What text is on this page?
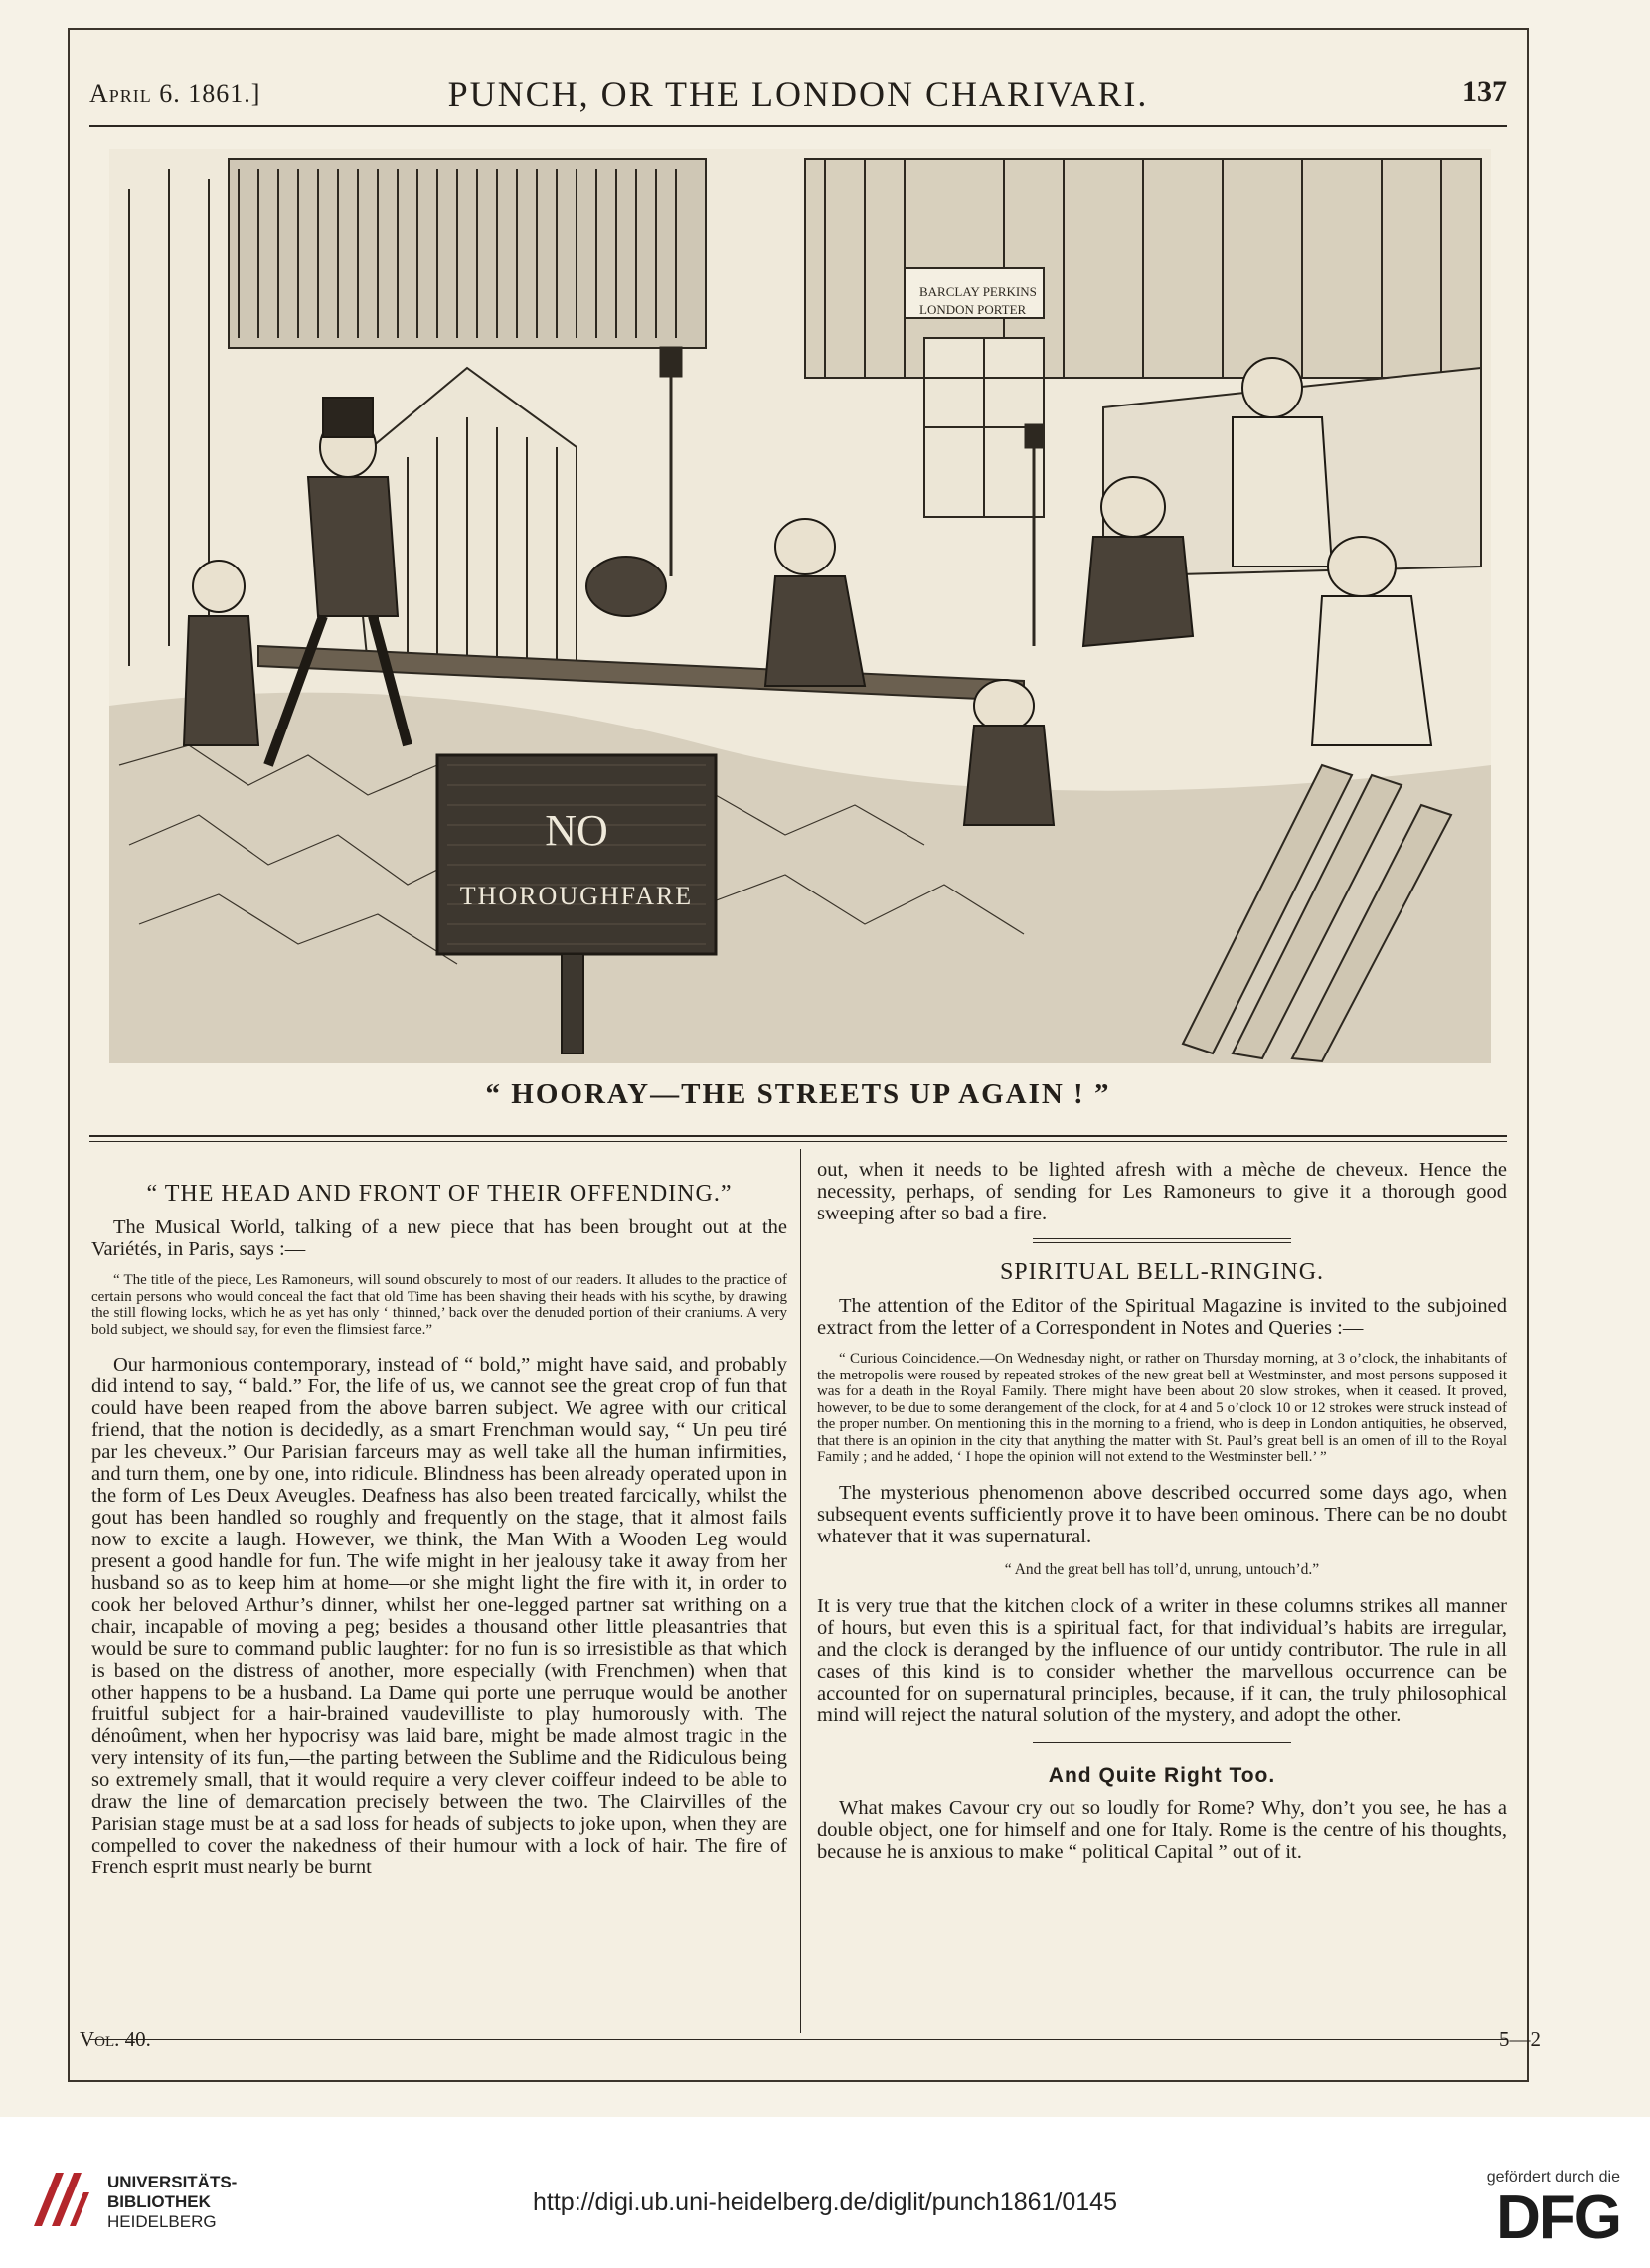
April 6. 1861.]	PUNCH, OR THE LONDON CHARIVARI.	137
BARCLAY PERKINS
LONDON PORTER
NO
THOROUGHFARE
“ HOORAY—THE STREETS UP AGAIN ! ”
“ THE HEAD AND FRONT OF THEIR OFFENDING.”

The Musical World, talking of a new piece that has been brought out at the Variétés, in Paris, says :—

“ The title of the piece, Les Ramoneurs, will sound obscurely to most of our readers. It alludes to the practice of certain persons who would conceal the fact that old Time has been shaving their heads with his scythe, by drawing the still flowing locks, which he as yet has only ‘ thinned,’ back over the denuded portion of their craniums. A very bold subject, we should say, for even the flimsiest farce.”

Our harmonious contemporary, instead of “ bold,” might have said, and probably did intend to say, “ bald.” For, the life of us, we cannot see the great crop of fun that could have been reaped from the above barren subject. We agree with our critical friend, that the notion is decidedly, as a smart Frenchman would say, “ Un peu tiré par les cheveux.” Our Parisian farceurs may as well take all the human infirmities, and turn them, one by one, into ridicule. Blindness has been already operated upon in the form of Les Deux Aveugles. Deafness has also been treated farcically, whilst the gout has been handled so roughly and frequently on the stage, that it almost fails now to excite a laugh. However, we think, the Man With a Wooden Leg would present a good handle for fun. The wife might in her jealousy take it away from her husband so as to keep him at home—or she might light the fire with it, in order to cook her beloved Arthur’s dinner, whilst her one-legged partner sat writhing on a chair, incapable of moving a peg; besides a thousand other little pleasantries that would be sure to command public laughter: for no fun is so irresistible as that which is based on the distress of another, more especially (with Frenchmen) when that other happens to be a husband. La Dame qui porte une perruque would be another fruitful subject for a hair-brained vaudevilliste to play humorously with. The dénoûment, when her hypocrisy was laid bare, might be made almost tragic in the very intensity of its fun,—the parting between the Sublime and the Ridiculous being so extremely small, that it would require a very clever coiffeur indeed to be able to draw the line of demarcation precisely between the two. The Clairvilles of the Parisian stage must be at a sad loss for heads of subjects to joke upon, when they are compelled to cover the nakedness of their humour with a lock of hair. The fire of French esprit must nearly be burnt

out, when it needs to be lighted afresh with a mèche de cheveux. Hence the necessity, perhaps, of sending for Les Ramoneurs to give it a thorough good sweeping after so bad a fire.

SPIRITUAL BELL-RINGING.

The attention of the Editor of the Spiritual Magazine is invited to the subjoined extract from the letter of a Correspondent in Notes and Queries :—

“ Curious Coincidence.—On Wednesday night, or rather on Thursday morning, at 3 o’clock, the inhabitants of the metropolis were roused by repeated strokes of the new great bell at Westminster, and most persons supposed it was for a death in the Royal Family. There might have been about 20 slow strokes, when it ceased. It proved, however, to be due to some derangement of the clock, for at 4 and 5 o’clock 10 or 12 strokes were struck instead of the proper number. On mentioning this in the morning to a friend, who is deep in London antiquities, he observed, that there is an opinion in the city that anything the matter with St. Paul’s great bell is an omen of ill to the Royal Family ; and he added, ‘ I hope the opinion will not extend to the Westminster bell.’ ”

The mysterious phenomenon above described occurred some days ago, when subsequent events sufficiently prove it to have been ominous. There can be no doubt whatever that it was supernatural.

“ And the great bell has toll’d, unrung, untouch’d.”

It is very true that the kitchen clock of a writer in these columns strikes all manner of hours, but even this is a spiritual fact, for that individual’s habits are irregular, and the clock is deranged by the influence of our untidy contributor. The rule in all cases of this kind is to consider whether the marvellous occurrence can be accounted for on supernatural principles, because, if it can, the truly philosophical mind will reject the natural solution of the mystery, and adopt the other.

And Quite Right Too.

What makes Cavour cry out so loudly for Rome? Why, don’t you see, he has a double object, one for himself and one for Italy. Rome is the centre of his thoughts, because he is anxious to make “ political Capital ” out of it.

Vol. 40.	5—2
UNIVERSITÄTS-
BIBLIOTHEK
HEIDELBERG
http://digi.ub.uni-heidelberg.de/diglit/punch1861/0145
gefördert durch die
DFG
